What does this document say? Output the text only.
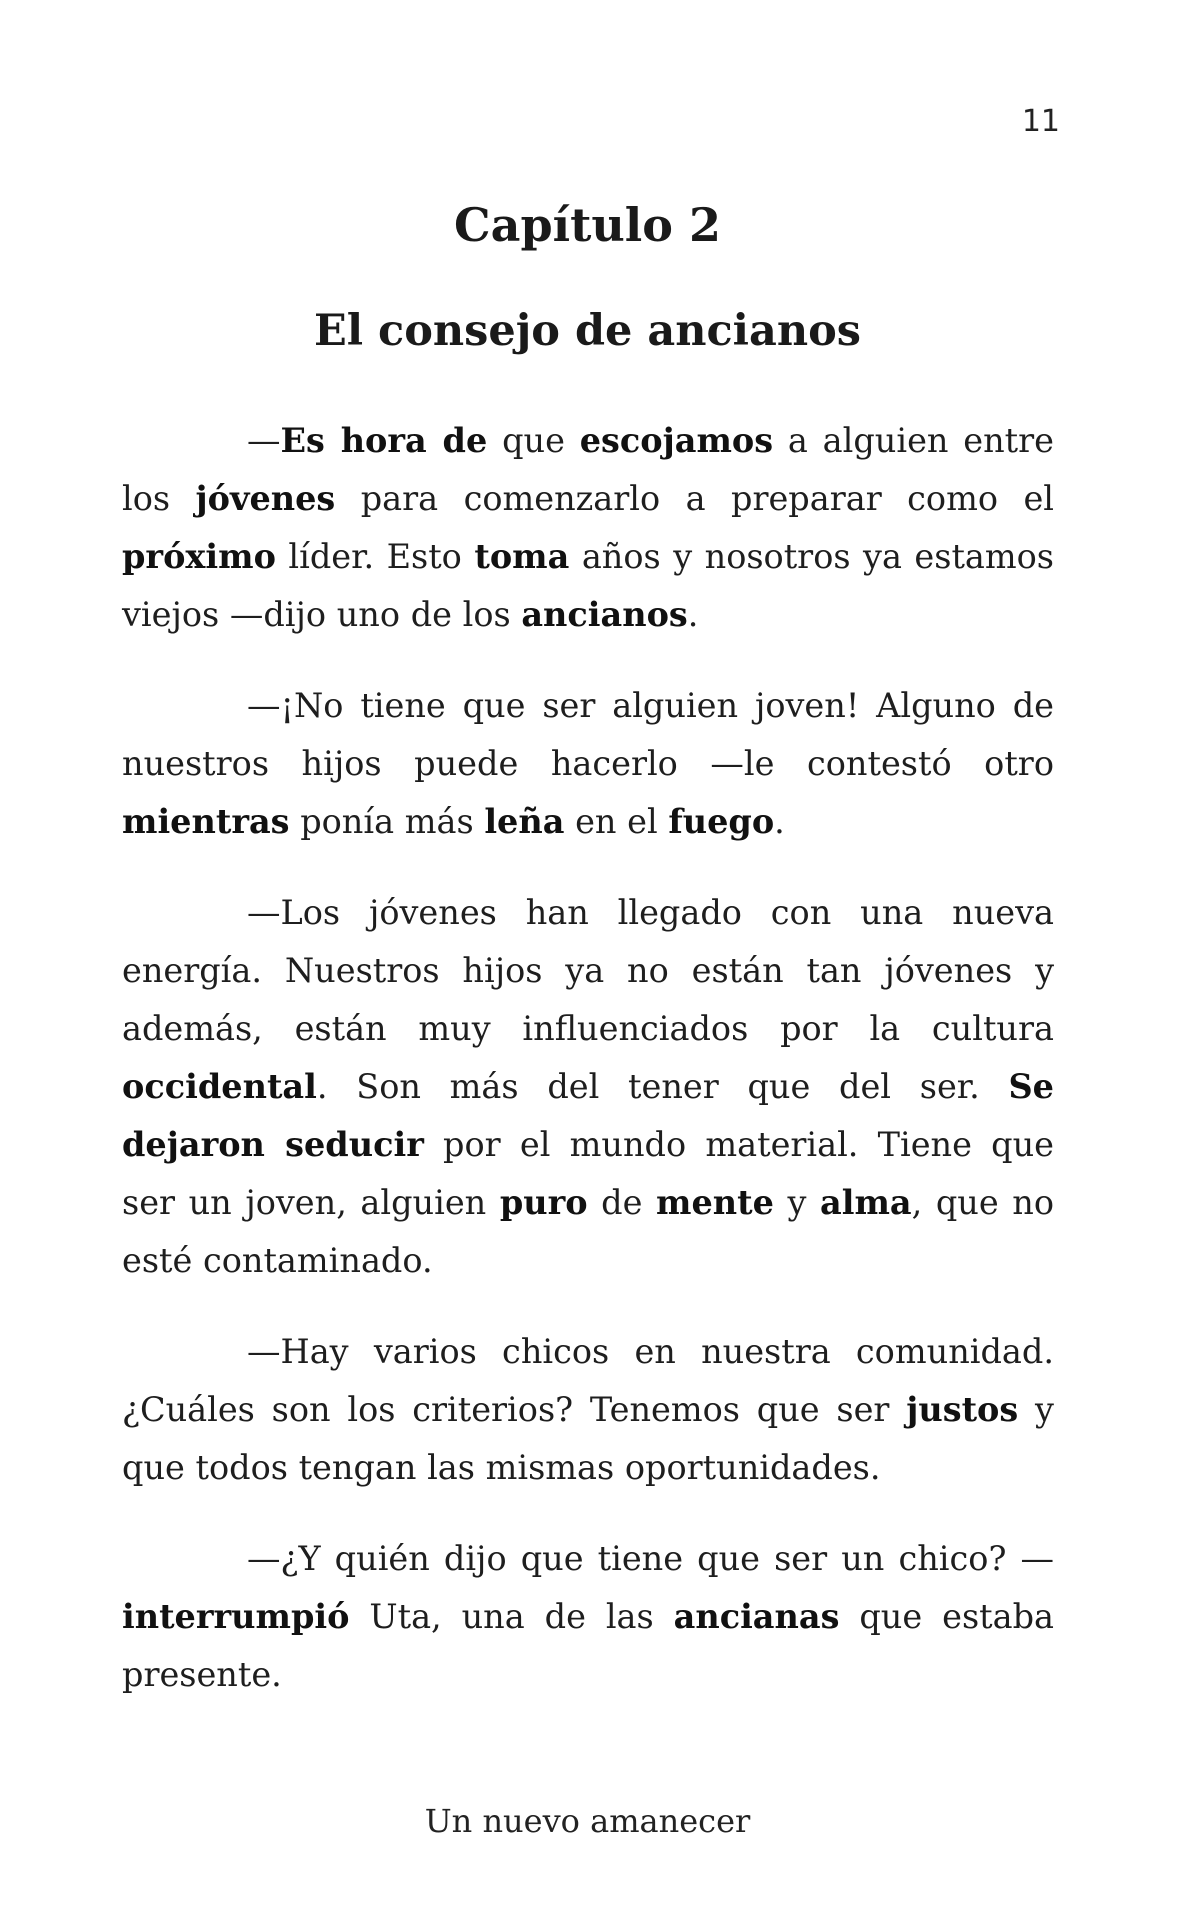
11
Capítulo 2
El consejo de ancianos

—Es hora de que escojamos a alguien entre los jóvenes para comenzarlo a preparar como el próximo líder. Esto toma años y nosotros ya estamos viejos —dijo uno de los ancianos.

—¡No tiene que ser alguien joven! Alguno de nuestros hijos puede hacerlo —le contestó otro mientras ponía más leña en el fuego.

—Los jóvenes han llegado con una nueva energía. Nuestros hijos ya no están tan jóvenes y además, están muy influenciados por la cultura occidental. Son más del tener que del ser. Se dejaron seducir por el mundo material. Tiene que ser un joven, alguien puro de mente y alma, que no esté contaminado.

—Hay varios chicos en nuestra comunidad. ¿Cuáles son los criterios? Tenemos que ser justos y que todos tengan las mismas oportunidades.

—¿Y quién dijo que tiene que ser un chico? —interrumpió Uta, una de las ancianas que estaba presente.

Un nuevo amanecer
